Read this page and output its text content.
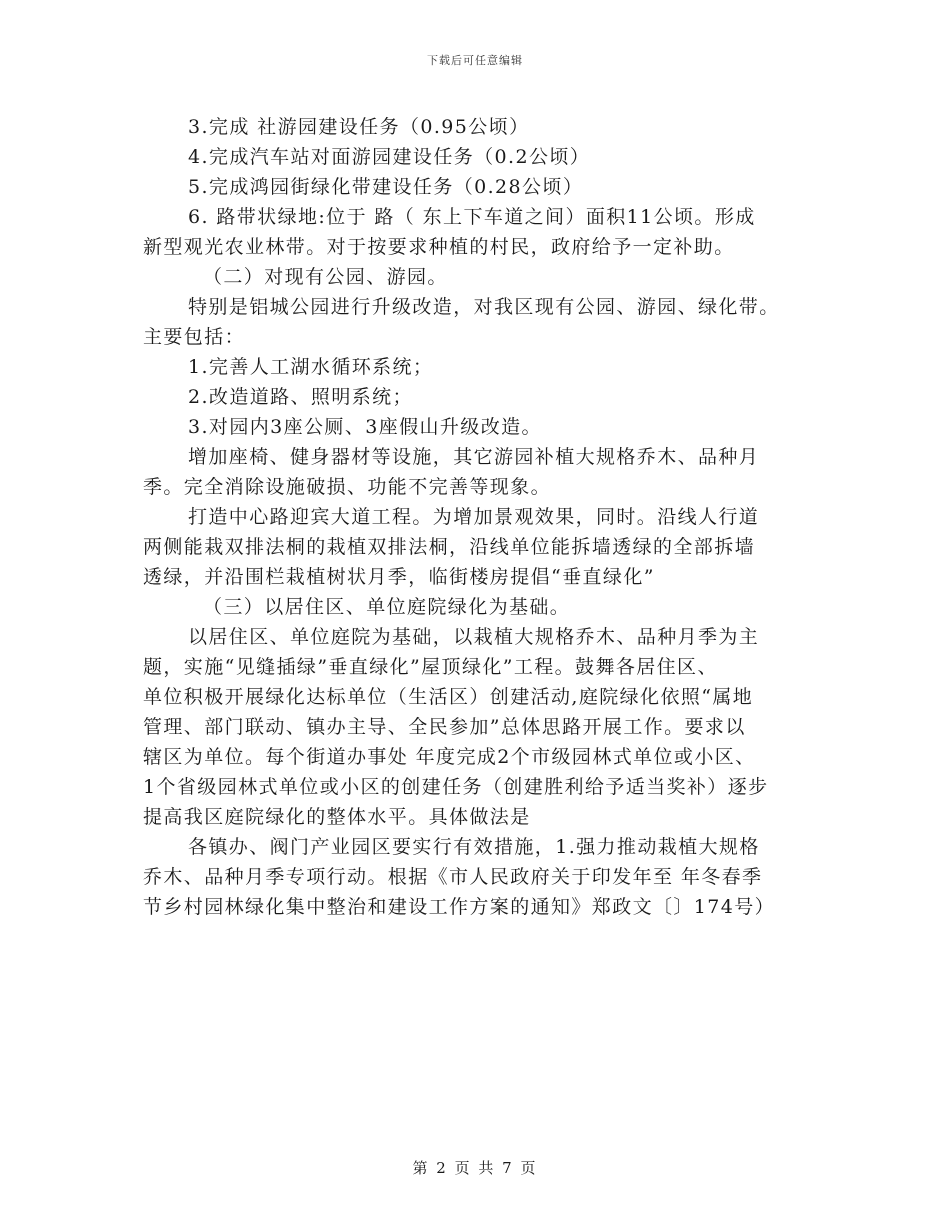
下载后可任意编辑
3.完成 社游园建设任务（0.95公顷）
4.完成汽车站对面游园建设任务（0.2公顷）
5.完成鸿园街绿化带建设任务（0.28公顷）
6. 路带状绿地:位于 路（ 东上下车道之间）面积11公顷。形成
新型观光农业林带。对于按要求种植的村民，政府给予一定补助。
（二）对现有公园、游园。
特别是铝城公园进行升级改造，对我区现有公园、游园、绿化带。
主要包括：
1.完善人工湖水循环系统；
2.改造道路、照明系统；
3.对园内3座公厕、3座假山升级改造。
增加座椅、健身器材等设施，其它游园补植大规格乔木、品种月
季。完全消除设施破损、功能不完善等现象。
打造中心路迎宾大道工程。为增加景观效果，同时。沿线人行道
两侧能栽双排法桐的栽植双排法桐，沿线单位能拆墙透绿的全部拆墙
透绿，并沿围栏栽植树状月季，临街楼房提倡“垂直绿化”
（三）以居住区、单位庭院绿化为基础。
以居住区、单位庭院为基础，以栽植大规格乔木、品种月季为主
题，实施“见缝插绿”垂直绿化”屋顶绿化”工程。鼓舞各居住区、
单位积极开展绿化达标单位（生活区）创建活动,庭院绿化依照“属地
管理、部门联动、镇办主导、全民参加”总体思路开展工作。要求以
辖区为单位。每个街道办事处 年度完成2个市级园林式单位或小区、
1个省级园林式单位或小区的创建任务（创建胜利给予适当奖补）逐步
提高我区庭院绿化的整体水平。具体做法是
各镇办、阀门产业园区要实行有效措施，1.强力推动栽植大规格
乔木、品种月季专项行动。根据《市人民政府关于印发年至 年冬春季
节乡村园林绿化集中整治和建设工作方案的通知》郑政文〔〕174号）
第 2 页 共 7 页
